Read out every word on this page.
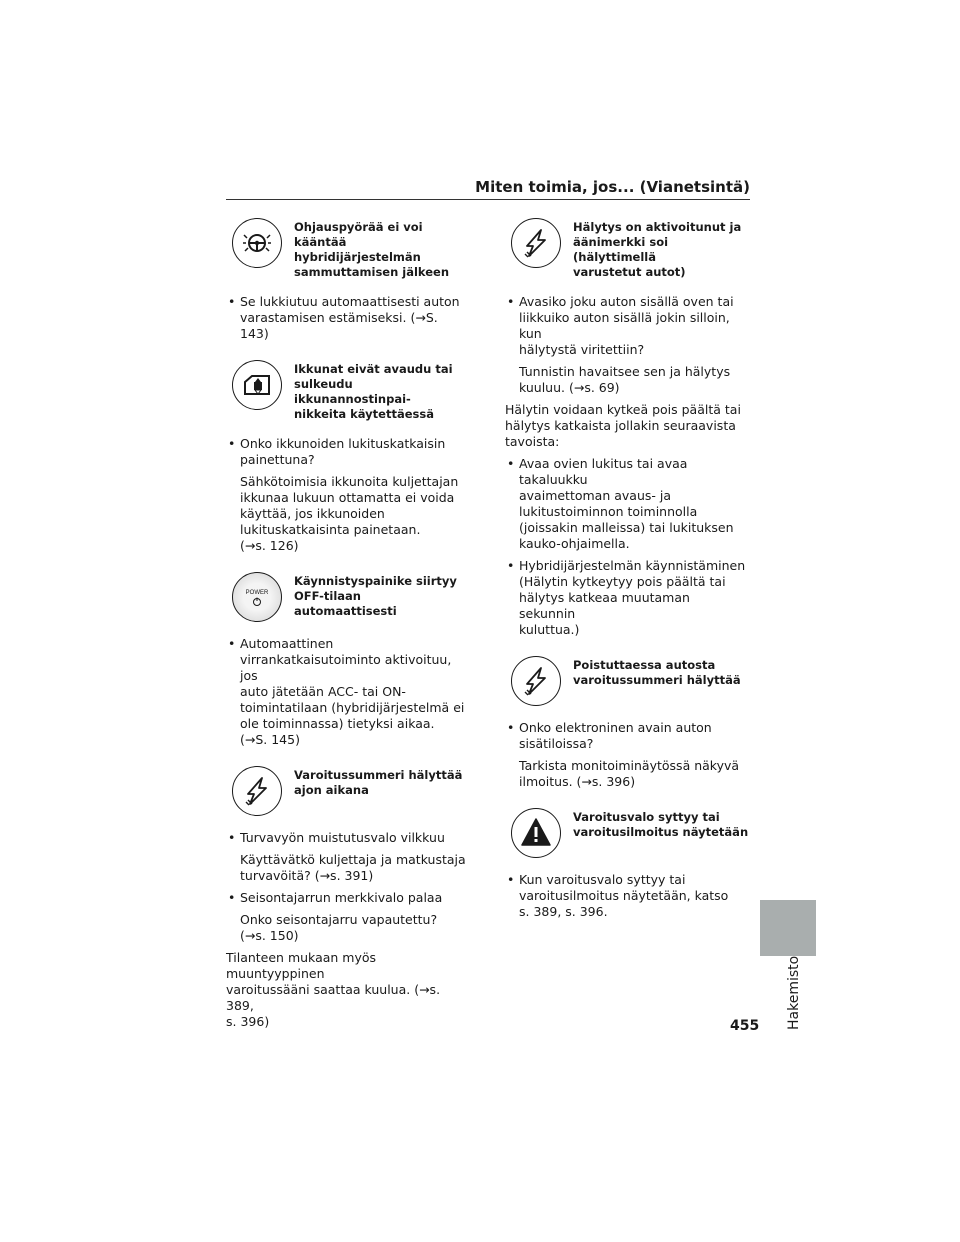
Miten toimia, jos... (Vianetsintä)
Ohjauspyörää ei voi kääntää
hybridijärjestelmän
sammuttamisen jälkeen
• Se lukkiutuu automaattisesti auton
varastamisen estämiseksi. (→S. 143)
Ikkunat eivät avaudu tai
sulkeudu ikkunannostinpai-
nikkeita käytettäessä
• Onko ikkunoiden lukituskatkaisin
painettuna?
Sähkötoimisia ikkunoita kuljettajan
ikkunaa lukuun ottamatta ei voida
käyttää, jos ikkunoiden
lukituskatkaisinta painetaan.
(→s. 126)
POWER
Käynnistyspainike siirtyy
OFF-tilaan automaattisesti
• Automaattinen
virrankatkaisutoiminto aktivoituu, jos
auto jätetään ACC- tai ON-
toimintatilaan (hybridijärjestelmä ei
ole toiminnassa) tietyksi aikaa.
(→S. 145)
Varoitussummeri hälyttää
ajon aikana
• Turvavyön muistutusvalo vilkkuu
Käyttävätkö kuljettaja ja matkustaja
turvavöitä? (→s. 391)
• Seisontajarrun merkkivalo palaa
Onko seisontajarru vapautettu?
(→s. 150)
Tilanteen mukaan myös muuntyyppinen
varoitussääni saattaa kuulua. (→s. 389,
s. 396)
Hälytys on aktivoitunut ja
äänimerkki soi (hälyttimellä
varustetut autot)
• Avasiko joku auton sisällä oven tai
liikkuiko auton sisällä jokin silloin, kun
hälytystä viritettiin?
Tunnistin havaitsee sen ja hälytys
kuuluu. (→s. 69)
Hälytin voidaan kytkeä pois päältä tai
hälytys katkaista jollakin seuraavista
tavoista:
• Avaa ovien lukitus tai avaa takaluukku
avaimettoman avaus- ja
lukitustoiminnon toiminnolla
(joissakin malleissa) tai lukituksen
kauko-ohjaimella.
• Hybridijärjestelmän käynnistäminen
(Hälytin kytkeytyy pois päältä tai
hälytys katkeaa muutaman sekunnin
kuluttua.)
Poistuttaessa autosta
varoitussummeri hälyttää
• Onko elektroninen avain auton
sisätiloissa?
Tarkista monitoiminäytössä näkyvä
ilmoitus. (→s. 396)
Varoitusvalo syttyy tai
varoitusilmoitus näytetään
• Kun varoitusvalo syttyy tai
varoitusilmoitus näytetään, katso
s. 389, s. 396.
Hakemisto
455
